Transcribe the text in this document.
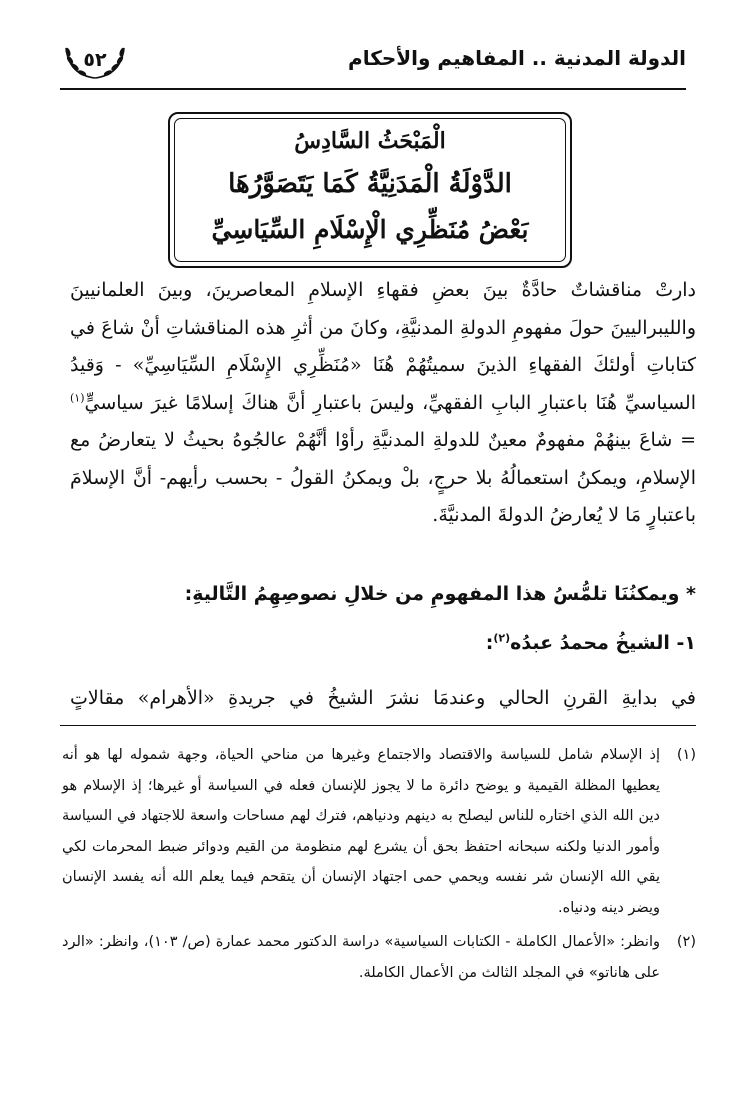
الدولة المدنية .. المفاهيم والأحكام
٥٢
الْمَبْحَثُ السَّادِسُ
الدَّوْلَةُ الْمَدَنِيَّةُ كَمَا يَتَصَوَّرُهَا
بَعْضُ مُنَظِّرِي الْإِسْلَامِ السِّيَاسِيِّ

دارتْ مناقشاتٌ حادَّةٌ بينَ بعضِ فقهاءِ الإسلامِ المعاصرينَ، وبينَ العلمانيينَ والليبراليينَ حولَ مفهومِ الدولةِ المدنيَّةِ، وكانَ من أثرِ هذه المناقشاتِ أنْ شاعَ في كتاباتِ أولئكَ الفقهاءِ الذينَ سميتُهُمْ هُنَا «مُنَظِّرِي الإِسْلَامِ السِّيَاسِيِّ» - وَقيدُ السياسيِّ هُنَا باعتبارِ البابِ الفقهيِّ، وليسَ باعتبارِ أنَّ هناكَ إسلامًا غيرَ سياسيٍّ$^{(١)}$ = شاعَ بينهُمْ مفهومٌ معينٌ للدولةِ المدنيَّةِ رأوْا أنَّهُمْ عالجُوهُ بحيثُ لا يتعارضُ مع الإسلامِ، ويمكنُ استعمالُهُ بلا حرجٍ، بلْ ويمكنُ القولُ - بحسب رأيهم- أنَّ الإسلامَ باعتبارٍ مَا لا يُعارضُ الدولةَ المدنيَّةَ.

* ويمكنُنَا تلمُّسُ هذا المفهومِ من خلالِ نصوصِهِمُ التَّاليةِ:
١- الشيخُ محمدُ عبدُه$^{(٢)}$:
في بدايةِ القرنِ الحالي وعندمَا نشرَ الشيخُ في جريدةِ «الأهرام» مقالاتٍ
(١)
إذ الإسلام شامل للسياسة والاقتصاد والاجتماع وغيرها من مناحي الحياة، وجهة شموله لها هو أنه يعطيها المظلة القيمية و يوضح دائرة ما لا يجوز للإنسان فعله في السياسة أو غيرها؛ إذ الإسلام هو دين الله الذي اختاره للناس ليصلح به دينهم ودنياهم، فترك لهم مساحات واسعة للاجتهاد في السياسة وأمور الدنيا ولكنه سبحانه احتفظ بحق أن يشرع لهم منظومة من القيم ودوائر ضبط المحرمات لكي يقي الله الإنسان شر نفسه ويحمي حمى اجتهاد الإنسان أن يتقحم فيما يعلم الله أنه يفسد الإنسان ويضر دينه ودنياه.
(٢)
وانظر: «الأعمال الكاملة - الكتابات السياسية» دراسة الدكتور محمد عمارة (ص/ ١٠٣)، وانظر: «الرد على هاناتو» في المجلد الثالث من الأعمال الكاملة.
